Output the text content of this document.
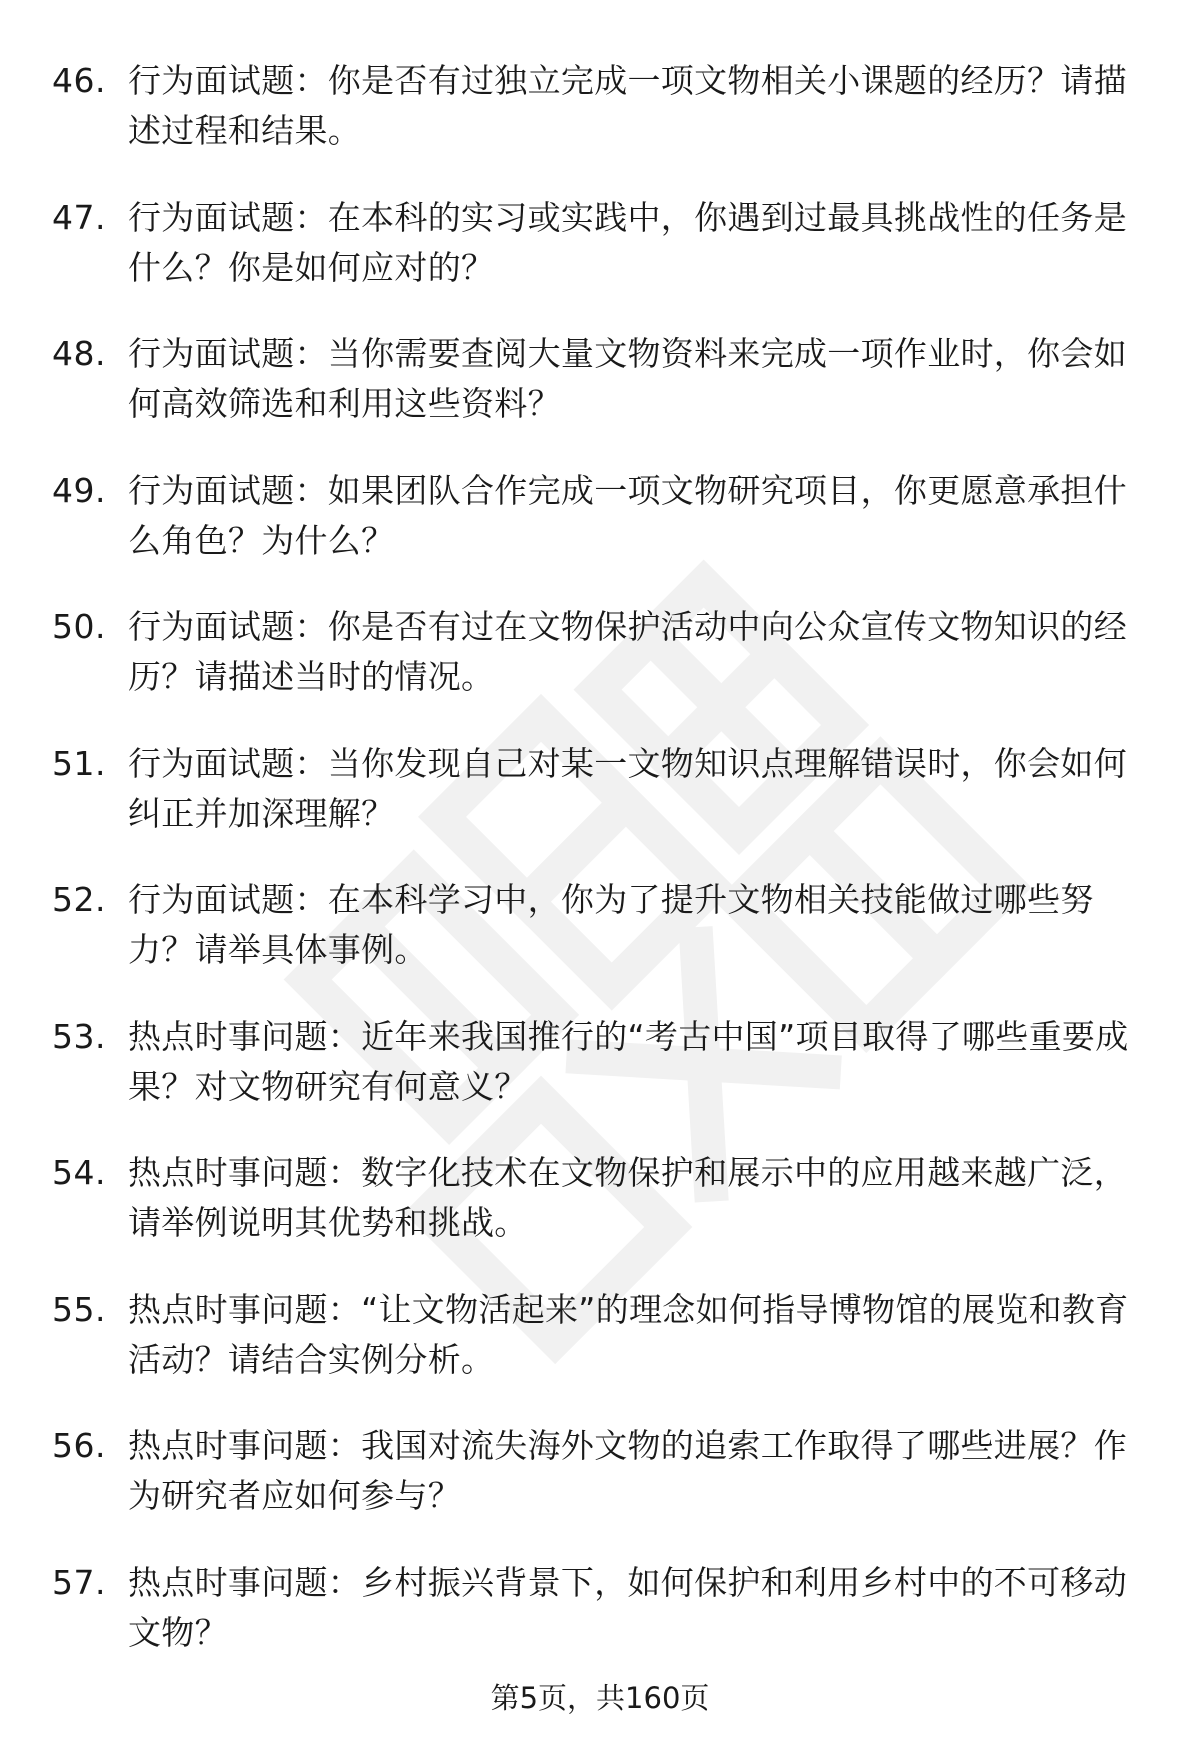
46. 行为面试题：你是否有过独立完成一项文物相关小课题的经历？请描述过程和结果。
47. 行为面试题：在本科的实习或实践中，你遇到过最具挑战性的任务是什么？你是如何应对的？
48. 行为面试题：当你需要查阅大量文物资料来完成一项作业时，你会如何高效筛选和利用这些资料？
49. 行为面试题：如果团队合作完成一项文物研究项目，你更愿意承担什么角色？为什么？
50. 行为面试题：你是否有过在文物保护活动中向公众宣传文物知识的经历？请描述当时的情况。
51. 行为面试题：当你发现自己对某一文物知识点理解错误时，你会如何纠正并加深理解？
52. 行为面试题：在本科学习中，你为了提升文物相关技能做过哪些努力？请举具体事例。
53. 热点时事问题：近年来我国推行的“考古中国”项目取得了哪些重要成果？对文物研究有何意义？
54. 热点时事问题：数字化技术在文物保护和展示中的应用越来越广泛，请举例说明其优势和挑战。
55. 热点时事问题：“让文物活起来”的理念如何指导博物馆的展览和教育活动？请结合实例分析。
56. 热点时事问题：我国对流失海外文物的追索工作取得了哪些进展？作为研究者应如何参与？
57. 热点时事问题：乡村振兴背景下，如何保护和利用乡村中的不可移动文物？
第5页，共160页
